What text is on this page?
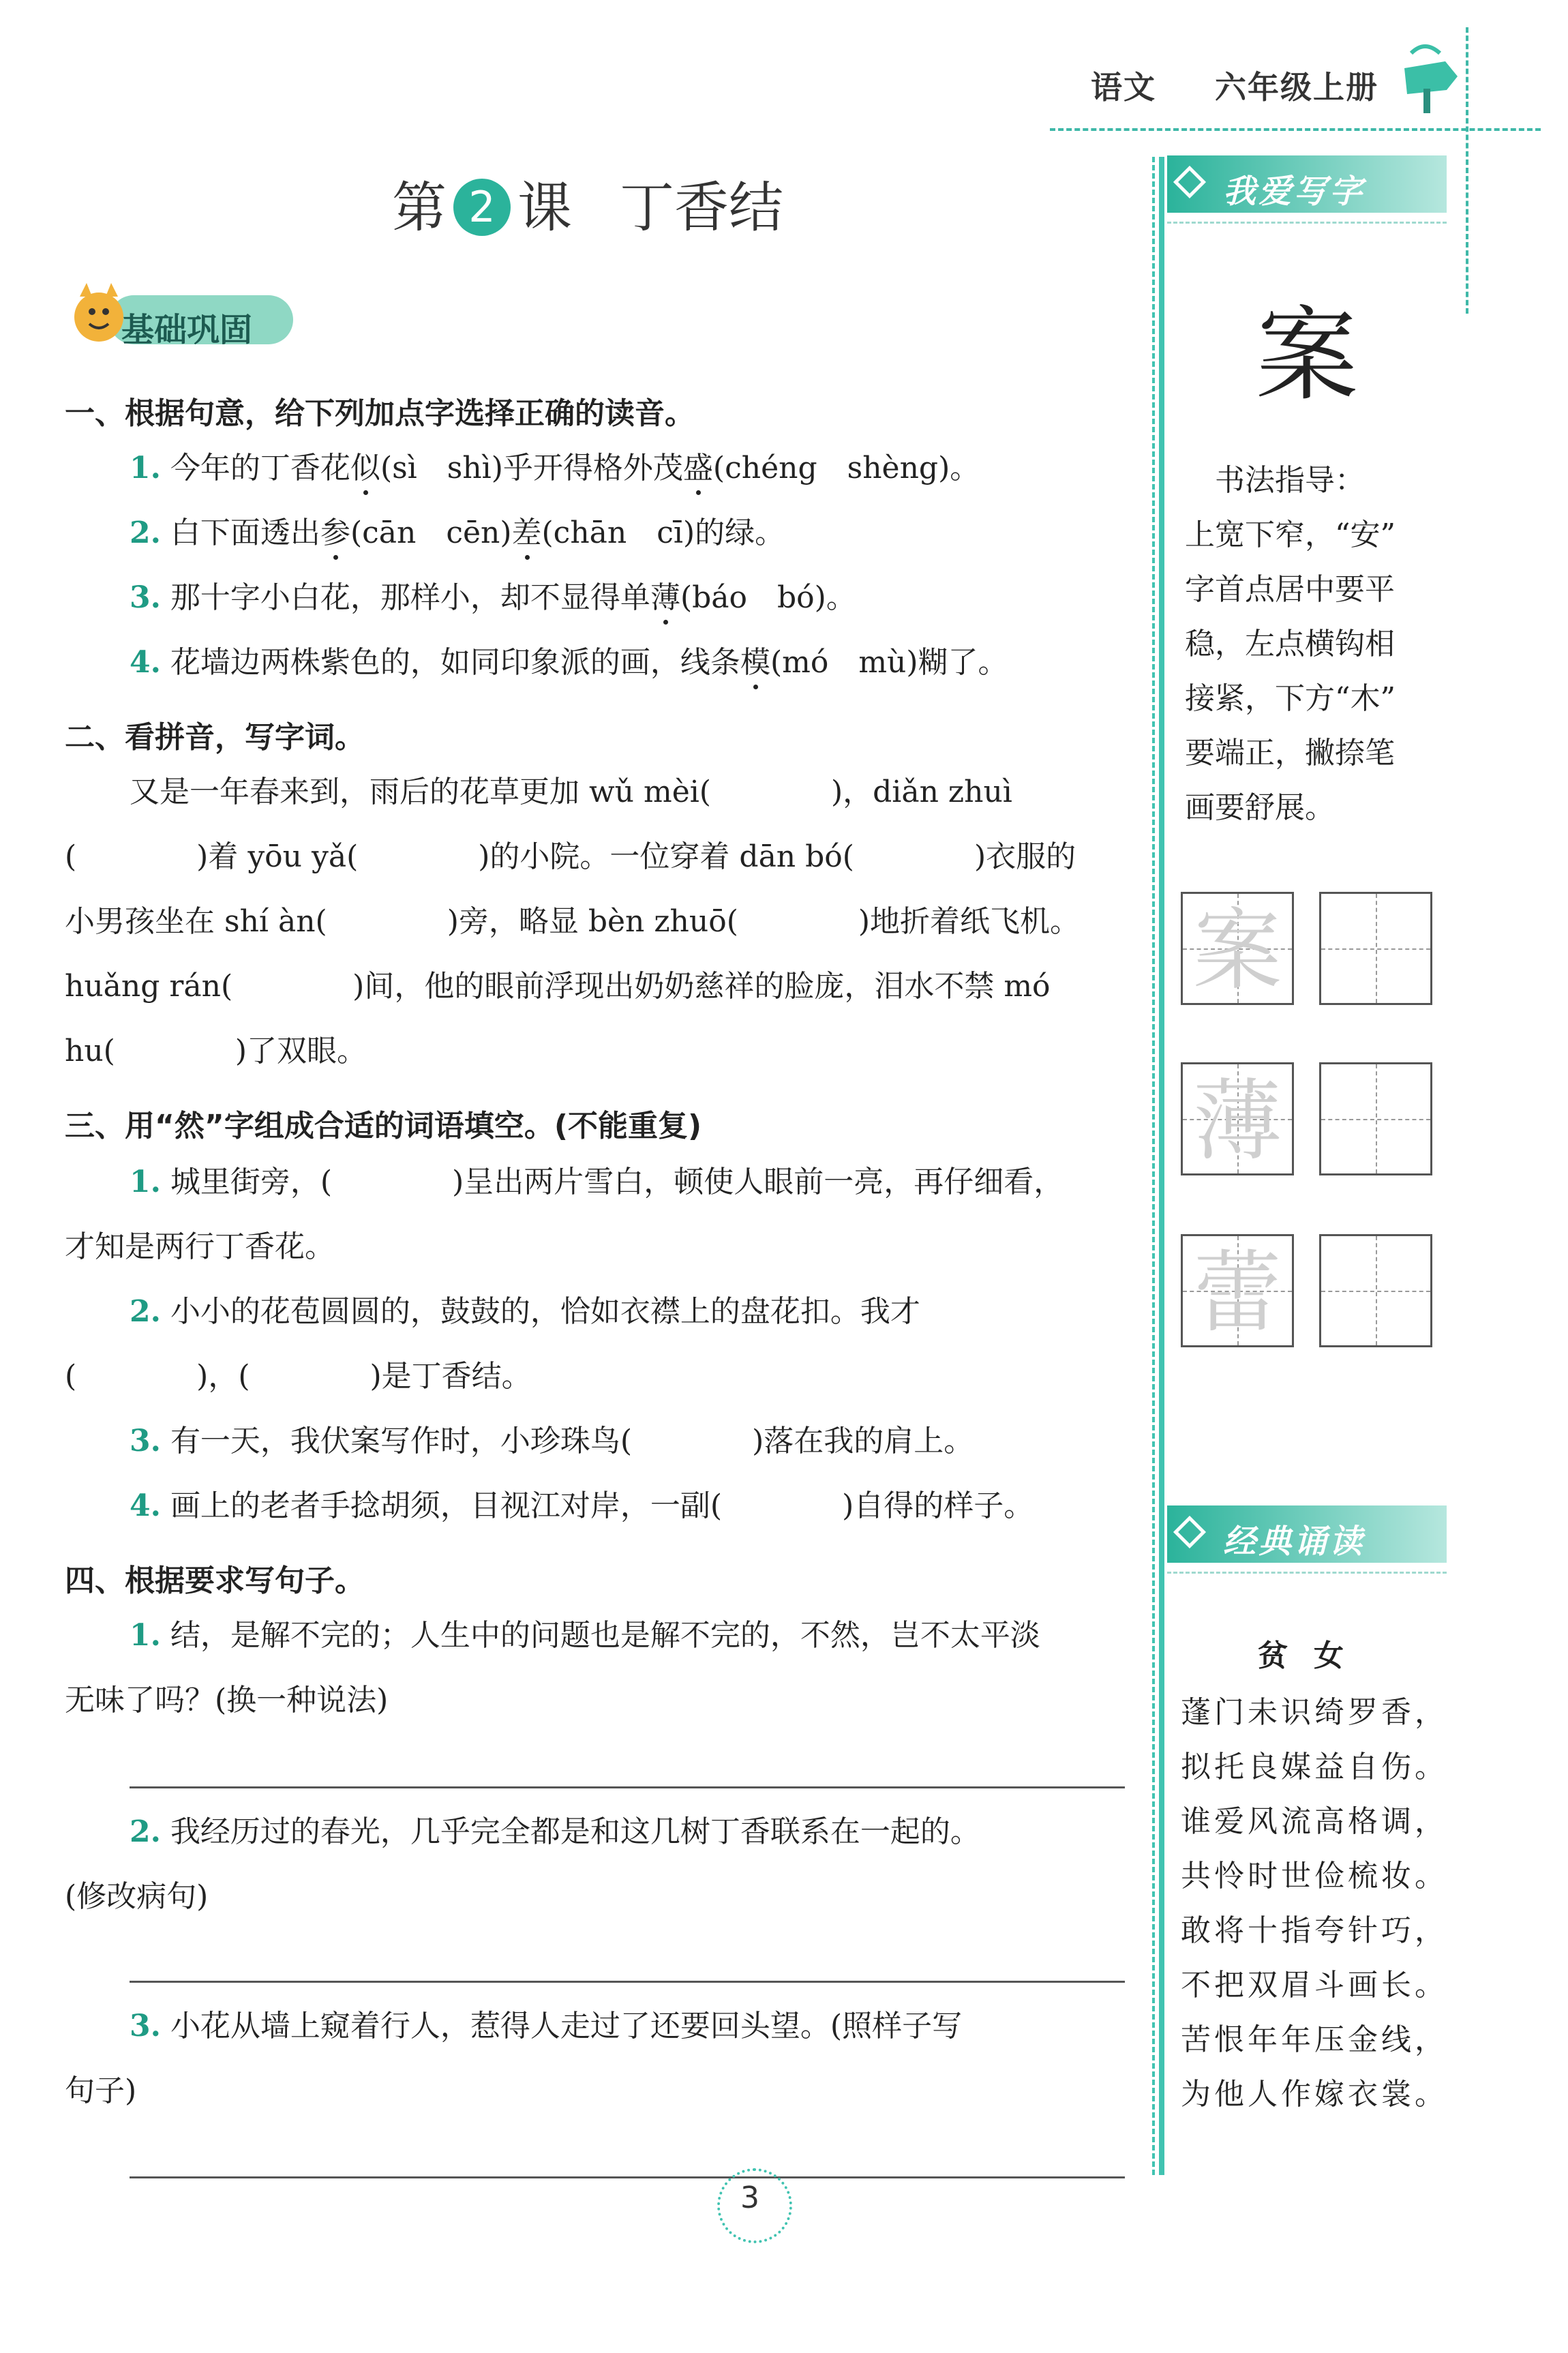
语文 六年级上册
第 2 课 丁香结
基础巩固
一、根据句意，给下列加点字选择正确的读音。
1. 今年的丁香花似(sì　shì)乎开得格外茂盛(chéng　shèng)。
2. 白下面透出参(cān　cēn)差(chān　cī)的绿。
3. 那十字小白花，那样小，却不显得单薄(báo　bó)。
4. 花墙边两株紫色的，如同印象派的画，线条模(mó　mù)糊了。
二、看拼音，写字词。
又是一年春来到，雨后的花草更加 wǔ mèi(　　　　)，diǎn zhuì
(　　　　)着 yōu yǎ(　　　　)的小院。一位穿着 dān bó(　　　　)衣服的
小男孩坐在 shí àn(　　　　)旁，略显 bèn zhuō(　　　　)地折着纸飞机。
huǎng rán(　　　　)间，他的眼前浮现出奶奶慈祥的脸庞，泪水不禁 mó
hu(　　　　)了双眼。
三、用“然”字组成合适的词语填空。(不能重复)
1. 城里街旁，(　　　　)呈出两片雪白，顿使人眼前一亮，再仔细看，
才知是两行丁香花。
2. 小小的花苞圆圆的，鼓鼓的，恰如衣襟上的盘花扣。我才
(　　　　)，(　　　　)是丁香结。
3. 有一天，我伏案写作时，小珍珠鸟(　　　　)落在我的肩上。
4. 画上的老者手捻胡须，目视江对岸，一副(　　　　)自得的样子。
四、根据要求写句子。
1. 结，是解不完的；人生中的问题也是解不完的，不然，岂不太平淡
无味了吗？(换一种说法)
2. 我经历过的春光，几乎完全都是和这几树丁香联系在一起的。
(修改病句)
3. 小花从墙上窥着行人，惹得人走过了还要回头望。(照样子写
句子)
我爱写字
案
　书法指导：
上宽下窄，“安”
字首点居中要平
稳，左点横钩相
接紧，下方“木”
要端正，撇捺笔
画要舒展。
案
薄
蕾
经典诵读
贫女
蓬门未识绮罗香，
拟托良媒益自伤。
谁爱风流高格调，
共怜时世俭梳妆。
敢将十指夸针巧，
不把双眉斗画长。
苦恨年年压金线，
为他人作嫁衣裳。
3
